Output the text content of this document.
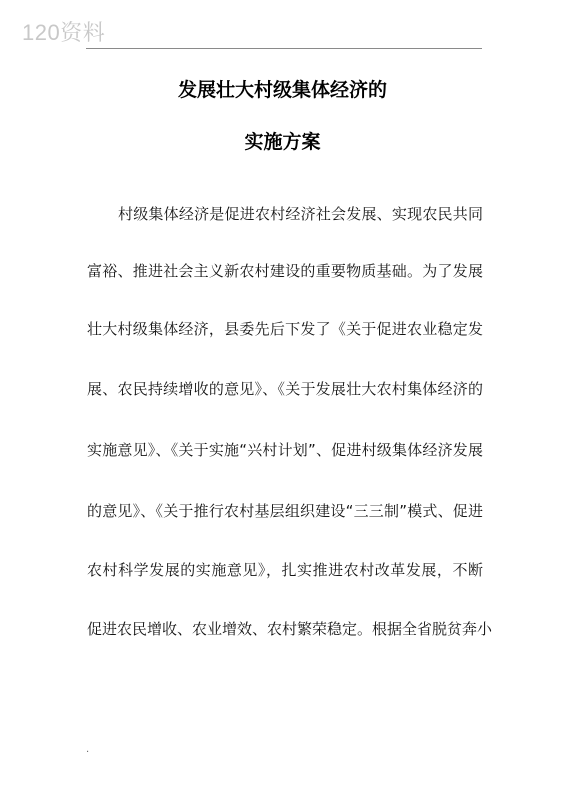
120资料
发展壮大村级集体经济的
实施方案
村级集体经济是促进农村经济社会发展、实现农民共同
富裕、推进社会主义新农村建设的重要物质基础。为了发展
壮大村级集体经济，县委先后下发了《关于促进农业稳定发
展、农民持续增收的意见》、《关于发展壮大农村集体经济的
实施意见》、《关于实施“兴村计划”、促进村级集体经济发展
的意见》、《关于推行农村基层组织建设“三三制”模式、促进
农村科学发展的实施意见》，扎实推进农村改革发展，不断
促进农民增收、农业增效、农村繁荣稳定。根据全省脱贫奔小
.
